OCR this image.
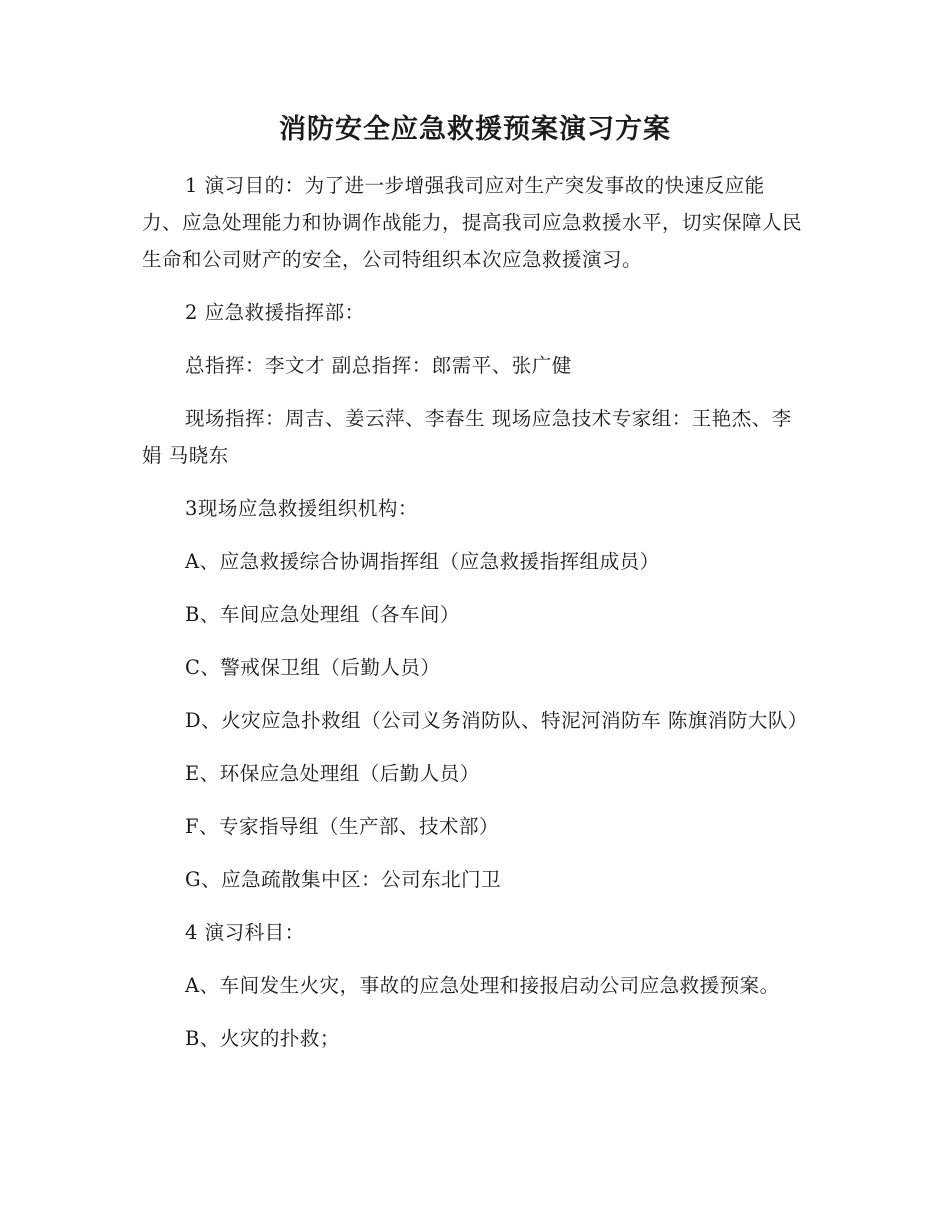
消防安全应急救援预案演习方案

1 演习目的：为了进一步增强我司应对生产突发事故的快速反应能力、应急处理能力和协调作战能力，提高我司应急救援水平，切实保障人民生命和公司财产的安全，公司特组织本次应急救援演习。

2 应急救援指挥部：

总指挥：李文才 副总指挥：郎需平、张广健

现场指挥：周吉、姜云萍、李春生 现场应急技术专家组：王艳杰、李娟 马晓东

3现场应急救援组织机构：

A、应急救援综合协调指挥组（应急救援指挥组成员）

B、车间应急处理组（各车间）

C、警戒保卫组（后勤人员）

D、火灾应急扑救组（公司义务消防队、特泥河消防车 陈旗消防大队）

E、环保应急处理组（后勤人员）

F、专家指导组（生产部、技术部）

G、应急疏散集中区：公司东北门卫

4 演习科目：

A、车间发生火灾，事故的应急处理和接报启动公司应急救援预案。

B、火灾的扑救；
